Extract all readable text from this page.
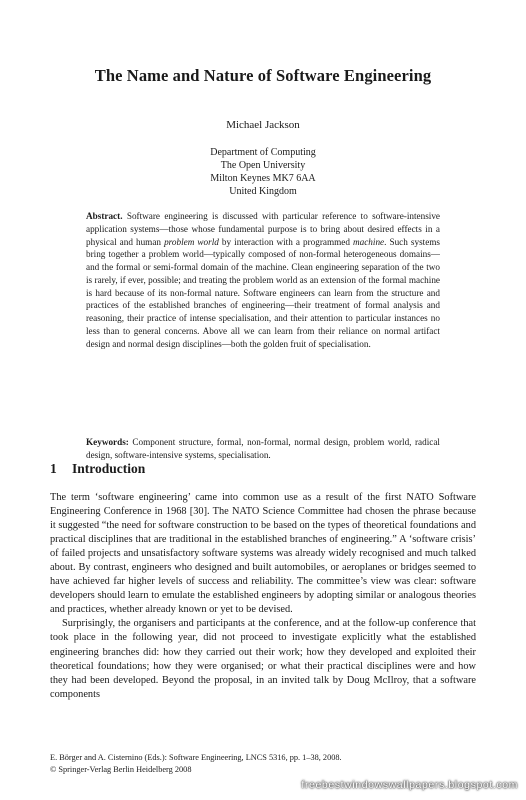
The Name and Nature of Software Engineering

Michael Jackson

Department of Computing
The Open University
Milton Keynes MK7 6AA
United Kingdom

Abstract. Software engineering is discussed with particular reference to software-intensive application systems—those whose fundamental purpose is to bring about desired effects in a physical and human problem world by interaction with a programmed machine. Such systems bring together a problem world—typically composed of non-formal heterogeneous domains—and the formal or semi-formal domain of the machine. Clean engineering separation of the two is rarely, if ever, possible; and treating the problem world as an extension of the formal machine is hard because of its non-formal nature. Software engineers can learn from the structure and practices of the established branches of engineering—their treatment of formal analysis and reasoning, their practice of intense specialisation, and their attention to particular instances no less than to general concerns. Above all we can learn from their reliance on normal artifact design and normal design disciplines—both the golden fruit of specialisation.

Keywords: Component structure, formal, non-formal, normal design, problem world, radical design, software-intensive systems, specialisation.

1 Introduction

The term ‘software engineering’ came into common use as a result of the first NATO Software Engineering Conference in 1968 [30]. The NATO Science Committee had chosen the phrase because it suggested “the need for software construction to be based on the types of theoretical foundations and practical disciplines that are traditional in the established branches of engineering.” A ‘software crisis’ of failed projects and unsatisfactory software systems was already widely recognised and much talked about. By contrast, engineers who designed and built automobiles, or aeroplanes or bridges seemed to have achieved far higher levels of success and reliability. The committee’s view was clear: software developers should learn to emulate the established engineers by adopting similar or analogous theories and practices, whether already known or yet to be devised.

Surprisingly, the organisers and participants at the conference, and at the follow-up conference that took place in the following year, did not proceed to investigate explicitly what the established engineering branches did: how they carried out their work; how they developed and exploited their theoretical foundations; how they were organised; or what their practical disciplines were and how they had been developed. Beyond the proposal, in an invited talk by Doug McIlroy, that a software components

E. Börger and A. Cisternino (Eds.): Software Engineering, LNCS 5316, pp. 1–38, 2008.
© Springer-Verlag Berlin Heidelberg 2008
freebestwindowswallpapers.blogspot.com
